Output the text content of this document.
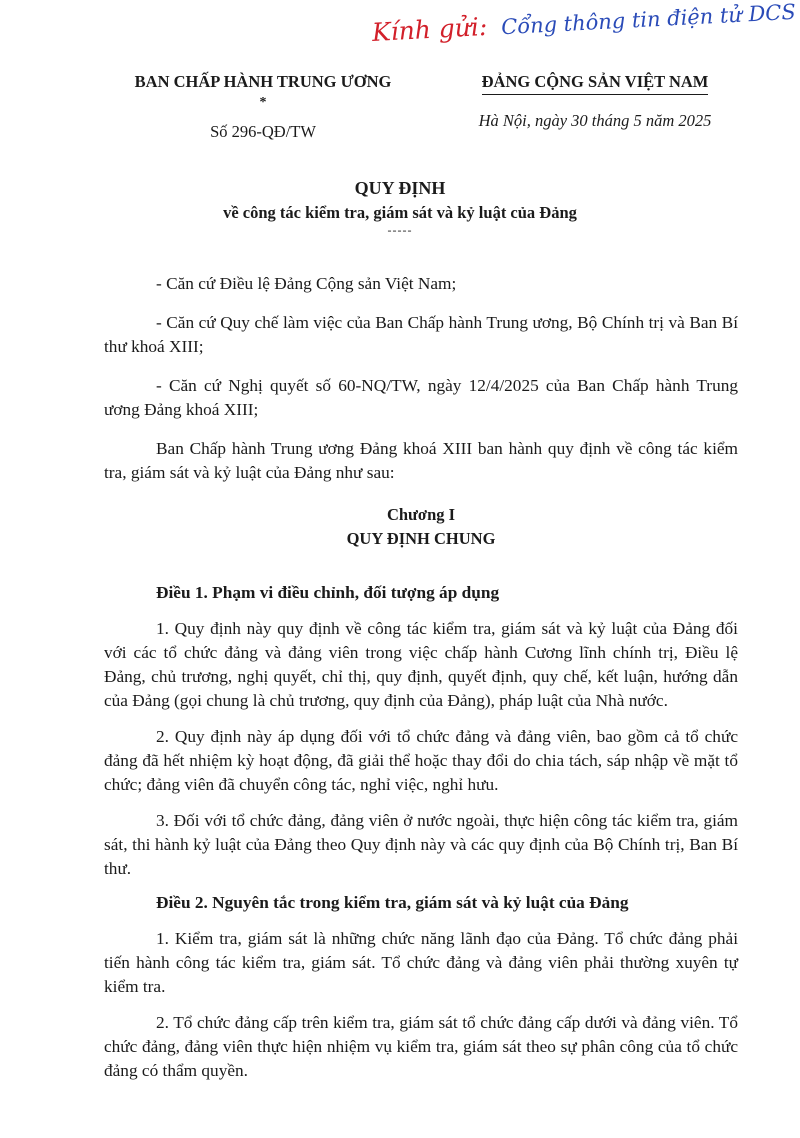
Kính gửi: Cổng thông tin điện tử DCS
BAN CHẤP HÀNH TRUNG ƯƠNG
*
Số 296-QĐ/TW
ĐẢNG CỘNG SẢN VIỆT NAM
Hà Nội, ngày 30 tháng 5 năm 2025
QUY ĐỊNH
về công tác kiểm tra, giám sát và kỷ luật của Đảng
-----

- Căn cứ Điều lệ Đảng Cộng sản Việt Nam;

- Căn cứ Quy chế làm việc của Ban Chấp hành Trung ương, Bộ Chính trị và Ban Bí thư khoá XIII;

- Căn cứ Nghị quyết số 60-NQ/TW, ngày 12/4/2025 của Ban Chấp hành Trung ương Đảng khoá XIII;

Ban Chấp hành Trung ương Đảng khoá XIII ban hành quy định về công tác kiểm tra, giám sát và kỷ luật của Đảng như sau:

Chương I

QUY ĐỊNH CHUNG

Điều 1. Phạm vi điều chỉnh, đối tượng áp dụng

1. Quy định này quy định về công tác kiểm tra, giám sát và kỷ luật của Đảng đối với các tổ chức đảng và đảng viên trong việc chấp hành Cương lĩnh chính trị, Điều lệ Đảng, chủ trương, nghị quyết, chỉ thị, quy định, quyết định, quy chế, kết luận, hướng dẫn của Đảng (gọi chung là chủ trương, quy định của Đảng), pháp luật của Nhà nước.

2. Quy định này áp dụng đối với tổ chức đảng và đảng viên, bao gồm cả tổ chức đảng đã hết nhiệm kỳ hoạt động, đã giải thể hoặc thay đổi do chia tách, sáp nhập về mặt tổ chức; đảng viên đã chuyển công tác, nghỉ việc, nghỉ hưu.

3. Đối với tổ chức đảng, đảng viên ở nước ngoài, thực hiện công tác kiểm tra, giám sát, thi hành kỷ luật của Đảng theo Quy định này và các quy định của Bộ Chính trị, Ban Bí thư.

Điều 2. Nguyên tắc trong kiểm tra, giám sát và kỷ luật của Đảng

1. Kiểm tra, giám sát là những chức năng lãnh đạo của Đảng. Tổ chức đảng phải tiến hành công tác kiểm tra, giám sát. Tổ chức đảng và đảng viên phải thường xuyên tự kiểm tra.

2. Tổ chức đảng cấp trên kiểm tra, giám sát tổ chức đảng cấp dưới và đảng viên. Tổ chức đảng, đảng viên thực hiện nhiệm vụ kiểm tra, giám sát theo sự phân công của tổ chức đảng có thẩm quyền.
